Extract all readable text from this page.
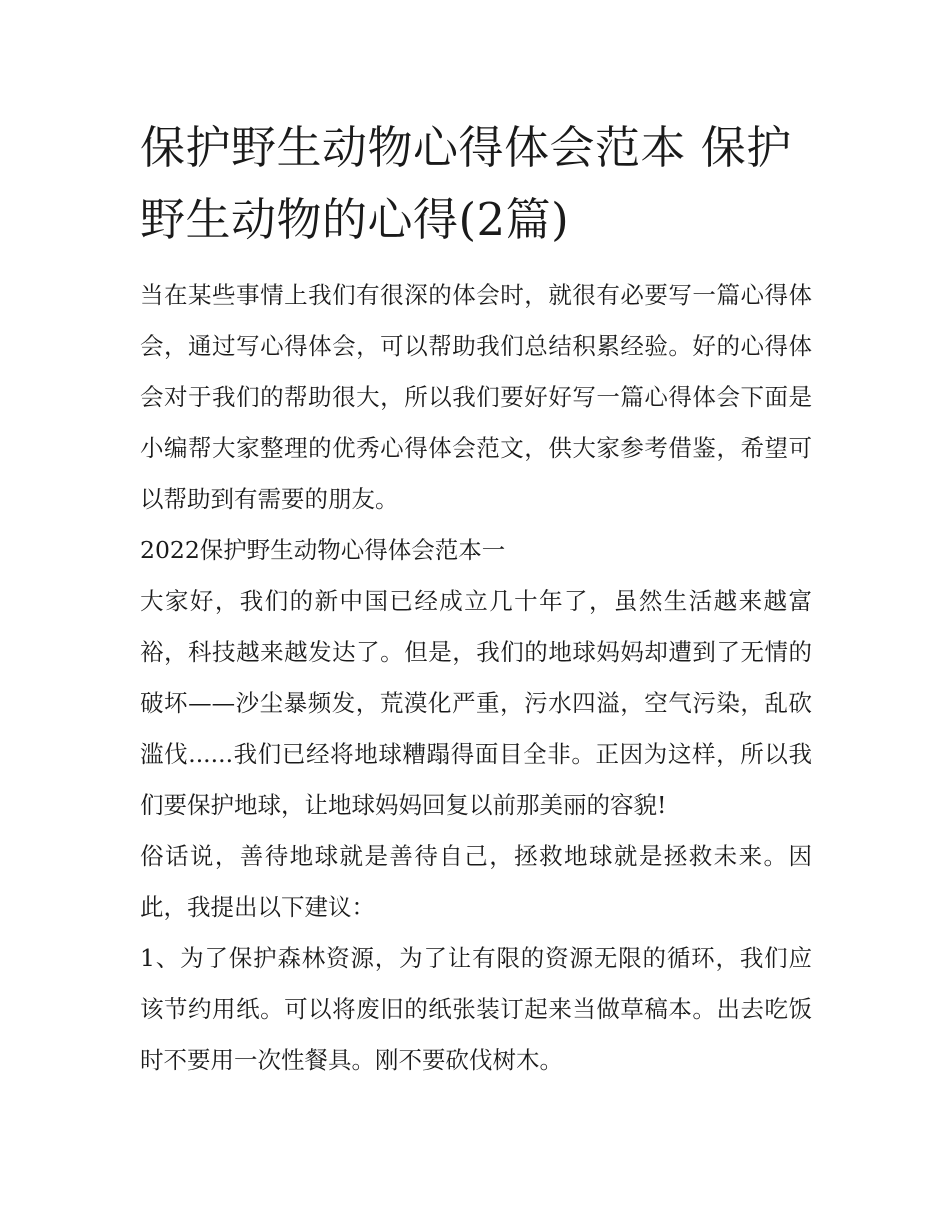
保护野生动物心得体会范本 保护野生动物的心得(2篇)

当在某些事情上我们有很深的体会时，就很有必要写一篇心得体会，通过写心得体会，可以帮助我们总结积累经验。好的心得体会对于我们的帮助很大，所以我们要好好写一篇心得体会下面是小编帮大家整理的优秀心得体会范文，供大家参考借鉴，希望可以帮助到有需要的朋友。

2022保护野生动物心得体会范本一

大家好，我们的新中国已经成立几十年了，虽然生活越来越富裕，科技越来越发达了。但是，我们的地球妈妈却遭到了无情的破坏——沙尘暴频发，荒漠化严重，污水四溢，空气污染，乱砍滥伐......我们已经将地球糟蹋得面目全非。正因为这样，所以我们要保护地球，让地球妈妈回复以前那美丽的容貌!

俗话说，善待地球就是善待自己，拯救地球就是拯救未来。因此，我提出以下建议：

1、为了保护森林资源，为了让有限的资源无限的循环，我们应该节约用纸。可以将废旧的纸张装订起来当做草稿本。出去吃饭时不要用一次性餐具。刚不要砍伐树木。
